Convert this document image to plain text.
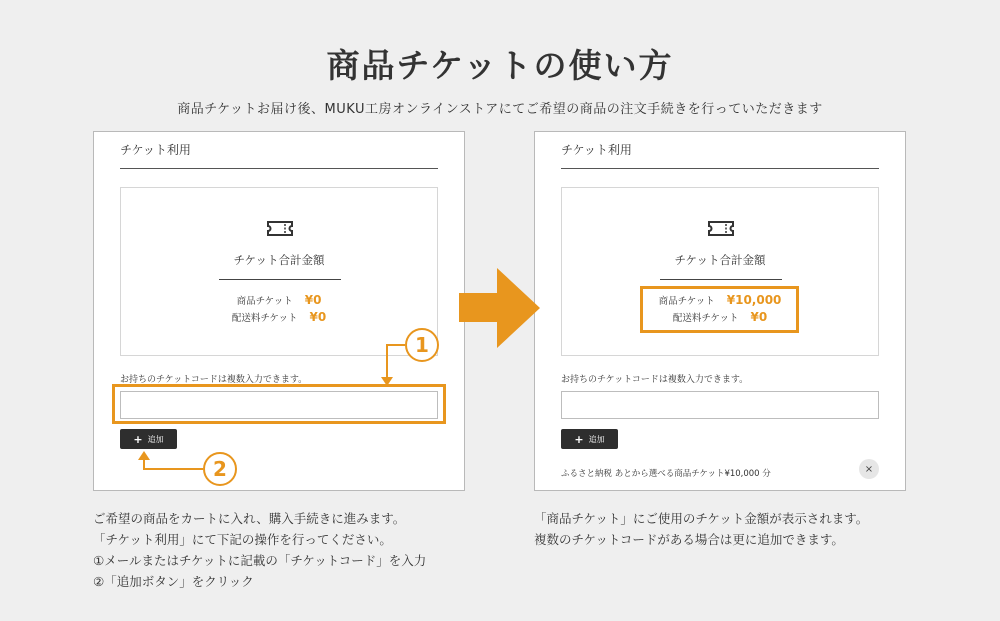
商品チケットの使い方
商品チケットお届け後、MUKU工房オンラインストアにてご希望の商品の注文手続きを行っていただきます
チケット利用
チケット合計金額
商品チケット ¥0
配送料チケット ¥0
お持ちのチケットコードは複数入力できます。
+ 追加
チケット利用
チケット合計金額
商品チケット ¥10,000
配送料チケット ¥0
お持ちのチケットコードは複数入力できます。
+ 追加
ふるさと納税 あとから選べる商品チケット¥10,000 分	×
1
2
ご希望の商品をカートに入れ、購入手続きに進みます。
「チケット利用」にて下記の操作を行ってください。
①メールまたはチケットに記載の「チケットコード」を入力
②「追加ボタン」をクリック
「商品チケット」にご使用のチケット金額が表示されます。
複数のチケットコードがある場合は更に追加できます。
